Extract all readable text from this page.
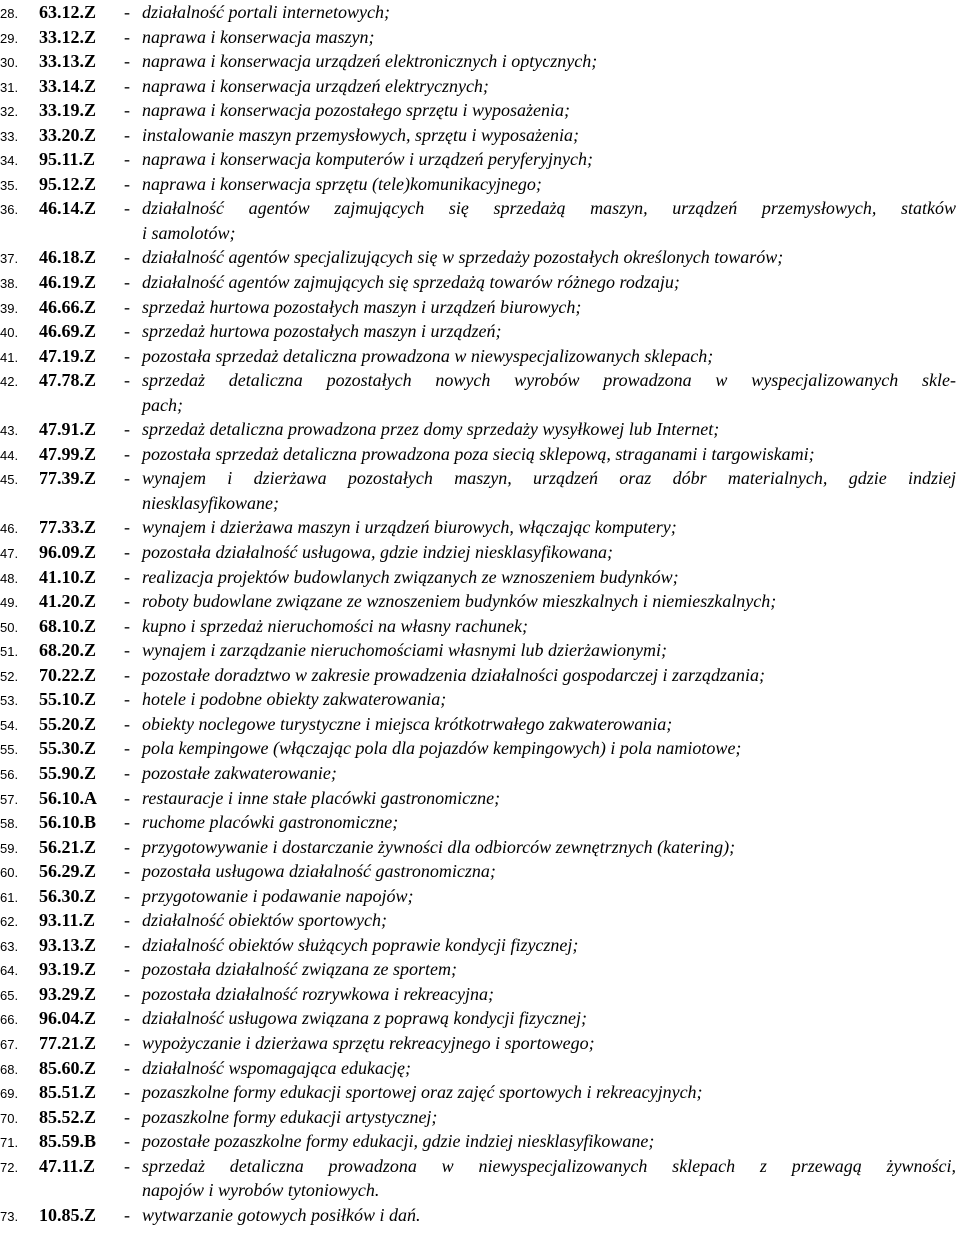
28. 63.12.Z - działalność portali internetowych;
29. 33.12.Z - naprawa i konserwacja maszyn;
30. 33.13.Z - naprawa i konserwacja urządzeń elektronicznych i optycznych;
31. 33.14.Z - naprawa i konserwacja urządzeń elektrycznych;
32. 33.19.Z - naprawa i konserwacja pozostałego sprzętu i wyposażenia;
33. 33.20.Z - instalowanie maszyn przemysłowych, sprzętu i wyposażenia;
34. 95.11.Z - naprawa i konserwacja komputerów i urządzeń peryferyjnych;
35. 95.12.Z - naprawa i konserwacja sprzętu (tele)komunikacyjnego;
36. 46.14.Z - działalność agentów zajmujących się sprzedażą maszyn, urządzeń przemysłowych, statków
i samolotów;
37. 46.18.Z - działalność agentów specjalizujących się w sprzedaży pozostałych określonych towarów;
38. 46.19.Z - działalność agentów zajmujących się sprzedażą towarów różnego rodzaju;
39. 46.66.Z - sprzedaż hurtowa pozostałych maszyn i urządzeń biurowych;
40. 46.69.Z - sprzedaż hurtowa pozostałych maszyn i urządzeń;
41. 47.19.Z - pozostała sprzedaż detaliczna prowadzona w niewyspecjalizowanych sklepach;
42. 47.78.Z - sprzedaż detaliczna pozostałych nowych wyrobów prowadzona w wyspecjalizowanych skle-
pach;
43. 47.91.Z - sprzedaż detaliczna prowadzona przez domy sprzedaży wysyłkowej lub Internet;
44. 47.99.Z - pozostała sprzedaż detaliczna prowadzona poza siecią sklepową, straganami i targowiskami;
45. 77.39.Z - wynajem i dzierżawa pozostałych maszyn, urządzeń oraz dóbr materialnych, gdzie indziej
niesklasyfikowane;
46. 77.33.Z - wynajem i dzierżawa maszyn i urządzeń biurowych, włączając komputery;
47. 96.09.Z - pozostała działalność usługowa, gdzie indziej niesklasyfikowana;
48. 41.10.Z - realizacja projektów budowlanych związanych ze wznoszeniem budynków;
49. 41.20.Z - roboty budowlane związane ze wznoszeniem budynków mieszkalnych i niemieszkalnych;
50. 68.10.Z - kupno i sprzedaż nieruchomości na własny rachunek;
51. 68.20.Z - wynajem i zarządzanie nieruchomościami własnymi lub dzierżawionymi;
52. 70.22.Z - pozostałe doradztwo w zakresie prowadzenia działalności gospodarczej i zarządzania;
53. 55.10.Z - hotele i podobne obiekty zakwaterowania;
54. 55.20.Z - obiekty noclegowe turystyczne i miejsca krótkotrwałego zakwaterowania;
55. 55.30.Z - pola kempingowe (włączając pola dla pojazdów kempingowych) i pola namiotowe;
56. 55.90.Z - pozostałe zakwaterowanie;
57. 56.10.A - restauracje i inne stałe placówki gastronomiczne;
58. 56.10.B - ruchome placówki gastronomiczne;
59. 56.21.Z - przygotowywanie i dostarczanie żywności dla odbiorców zewnętrznych (katering);
60. 56.29.Z - pozostała usługowa działalność gastronomiczna;
61. 56.30.Z - przygotowanie i podawanie napojów;
62. 93.11.Z - działalność obiektów sportowych;
63. 93.13.Z - działalność obiektów służących poprawie kondycji fizycznej;
64. 93.19.Z - pozostała działalność związana ze sportem;
65. 93.29.Z - pozostała działalność rozrywkowa i rekreacyjna;
66. 96.04.Z - działalność usługowa związana z poprawą kondycji fizycznej;
67. 77.21.Z - wypożyczanie i dzierżawa sprzętu rekreacyjnego i sportowego;
68. 85.60.Z - działalność wspomagająca edukację;
69. 85.51.Z - pozaszkolne formy edukacji sportowej oraz zajęć sportowych i rekreacyjnych;
70. 85.52.Z - pozaszkolne formy edukacji artystycznej;
71. 85.59.B - pozostałe pozaszkolne formy edukacji, gdzie indziej niesklasyfikowane;
72. 47.11.Z - sprzedaż detaliczna prowadzona w niewyspecjalizowanych sklepach z przewagą żywności,
napojów i wyrobów tytoniowych.
73. 10.85.Z - wytwarzanie gotowych posiłków i dań.
